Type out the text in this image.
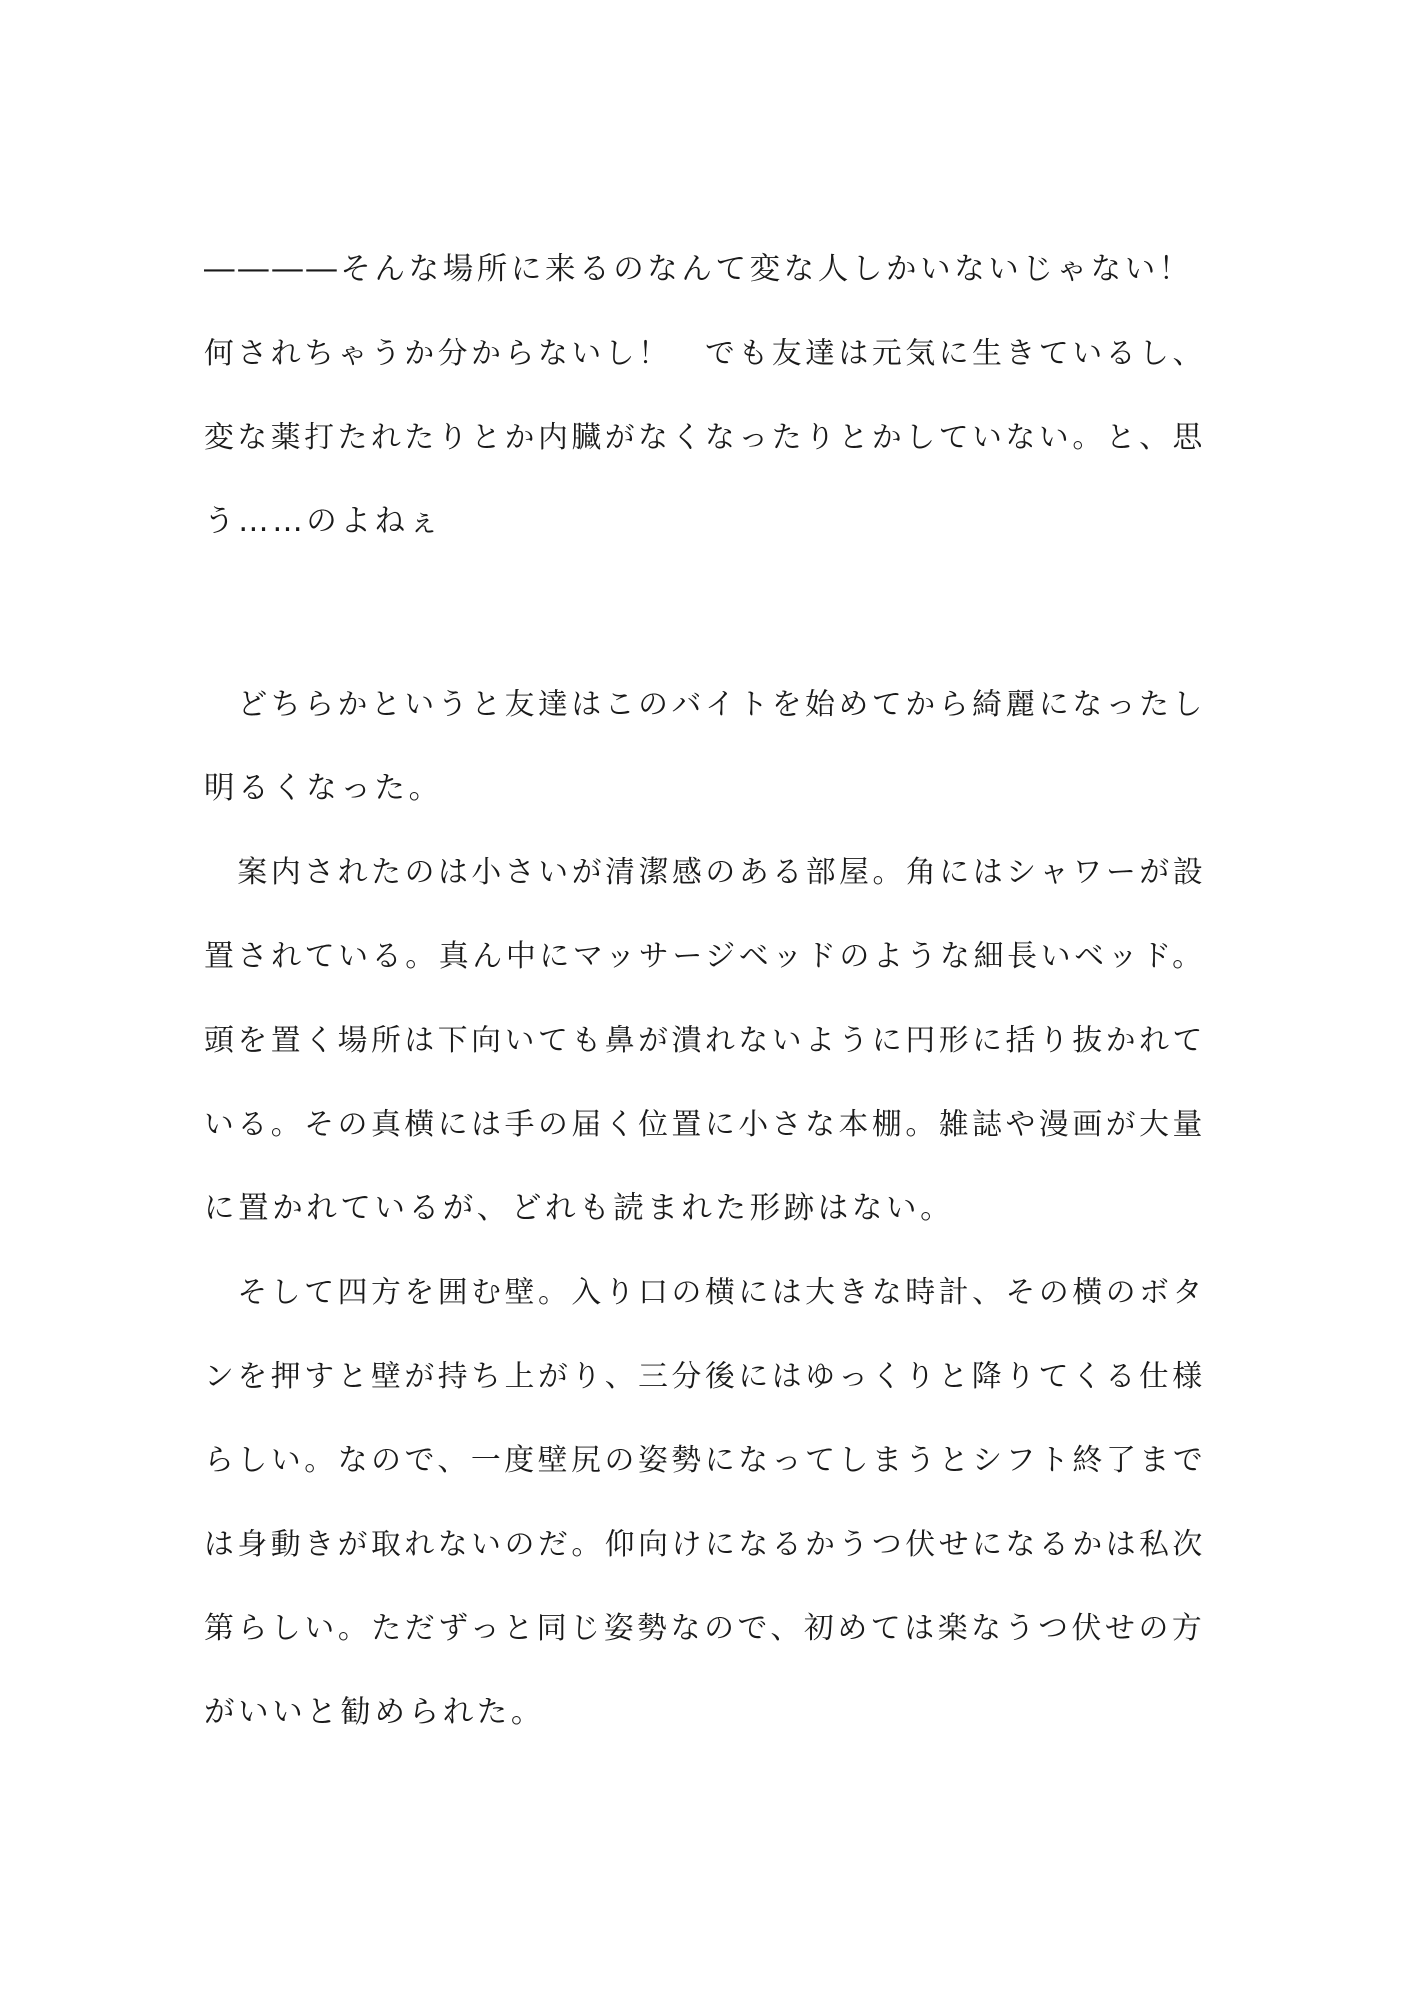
――――そんな場所に来るのなんて変な人しかいないじゃない！
何されちゃうか分からないし！　でも友達は元気に生きているし、
変な薬打たれたりとか内臓がなくなったりとかしていない。と、思
う……のよねぇ
　どちらかというと友達はこのバイトを始めてから綺麗になったし
明るくなった。
　案内されたのは小さいが清潔感のある部屋。角にはシャワーが設
置されている。真ん中にマッサージベッドのような細長いベッド。
頭を置く場所は下向いても鼻が潰れないように円形に括り抜かれて
いる。その真横には手の届く位置に小さな本棚。雑誌や漫画が大量
に置かれているが、どれも読まれた形跡はない。
　そして四方を囲む壁。入り口の横には大きな時計、その横のボタ
ンを押すと壁が持ち上がり、三分後にはゆっくりと降りてくる仕様
らしい。なので、一度壁尻の姿勢になってしまうとシフト終了まで
は身動きが取れないのだ。仰向けになるかうつ伏せになるかは私次
第らしい。ただずっと同じ姿勢なので、初めては楽なうつ伏せの方
がいいと勧められた。
